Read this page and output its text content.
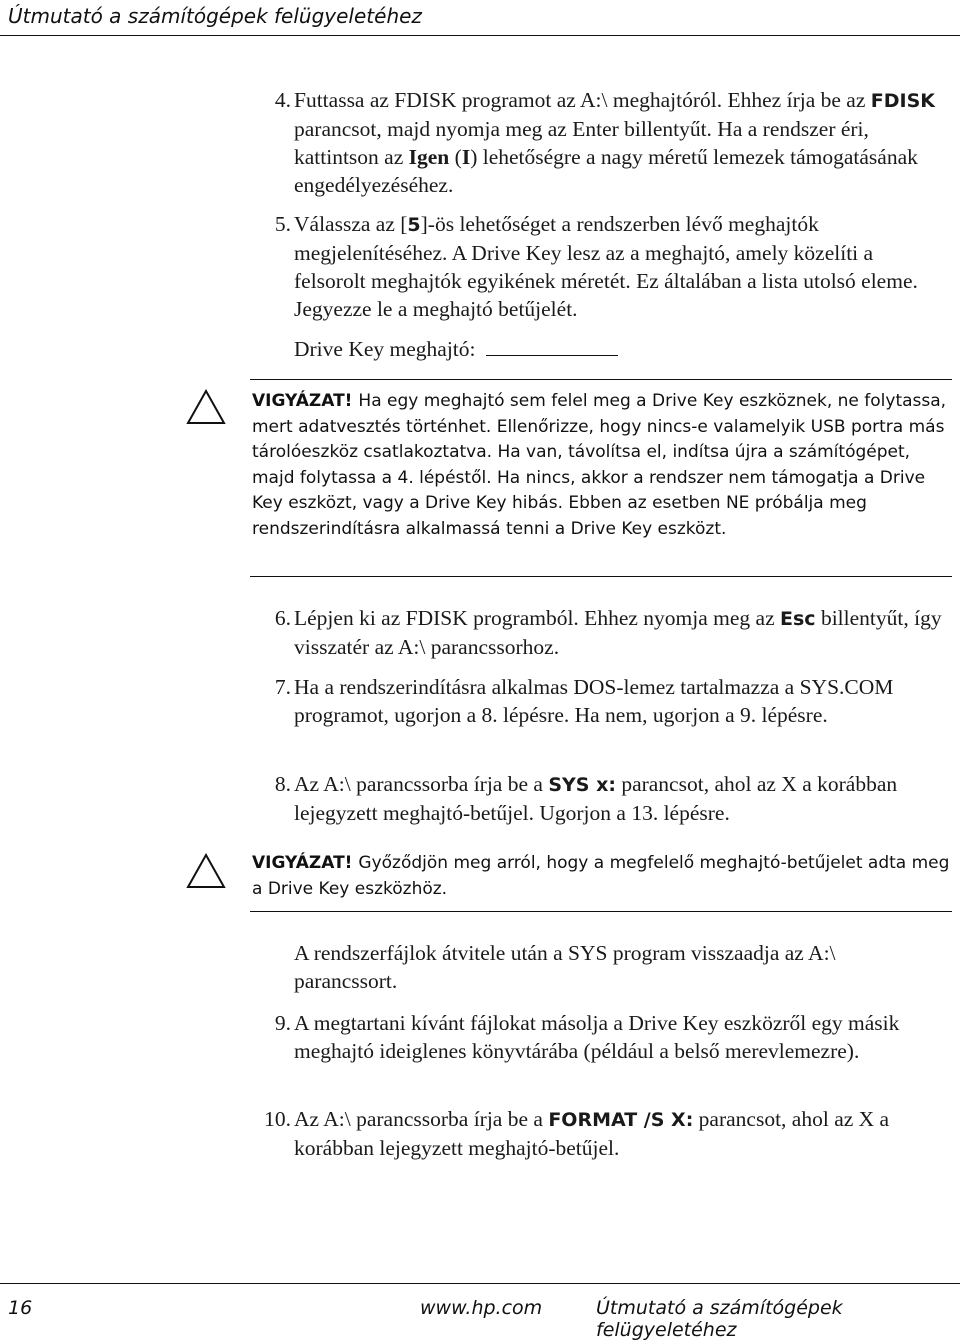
Útmutató a számítógépek felügyeletéhez
4. Futtassa az FDISK programot az A:\ meghajtóról. Ehhez írja be az FDISK parancsot, majd nyomja meg az Enter billentyűt. Ha a rendszer éri, kattintson az Igen (I) lehetőségre a nagy méretű lemezek támogatásának engedélyezéséhez.

5. Válassza az [5]-ös lehetőséget a rendszerben lévő meghajtók megjelenítéséhez. A Drive Key lesz az a meghajtó, amely közelíti a felsorolt meghajtók egyikének méretét. Ez általában a lista utolsó eleme. Jegyezze le a meghajtó betűjelét.

Drive Key meghajtó:

VIGYÁZAT! Ha egy meghajtó sem felel meg a Drive Key eszköznek, ne folytassa, mert adatvesztés történhet. Ellenőrizze, hogy nincs-e valamelyik USB portra más tárolóeszköz csatlakoztatva. Ha van, távolítsa el, indítsa újra a számítógépet, majd folytassa a 4. lépéstől. Ha nincs, akkor a rendszer nem támogatja a Drive Key eszközt, vagy a Drive Key hibás. Ebben az esetben NE próbálja meg rendszerindításra alkalmassá tenni a Drive Key eszközt.
6. Lépjen ki az FDISK programból. Ehhez nyomja meg az Esc billentyűt, így visszatér az A:\ parancssorhoz.

7. Ha a rendszerindításra alkalmas DOS-lemez tartalmazza a SYS.COM programot, ugorjon a 8. lépésre. Ha nem, ugorjon a 9. lépésre.

8. Az A:\ parancssorba írja be a SYS x: parancsot, ahol az X a korábban lejegyzett meghajtó-betűjel. Ugorjon a 13. lépésre.

VIGYÁZAT! Győződjön meg arról, hogy a megfelelő meghajtó-betűjelet adta meg a Drive Key eszközhöz.
A rendszerfájlok átvitele után a SYS program visszaadja az A:\ parancssort.
9. A megtartani kívánt fájlokat másolja a Drive Key eszközről egy másik meghajtó ideiglenes könyvtárába (például a belső merevlemezre).

10. Az A:\ parancssorba írja be a FORMAT /S X: parancsot, ahol az X a korábban lejegyzett meghajtó-betűjel.

16	www.hp.com	Útmutató a számítógépek felügyeletéhez
